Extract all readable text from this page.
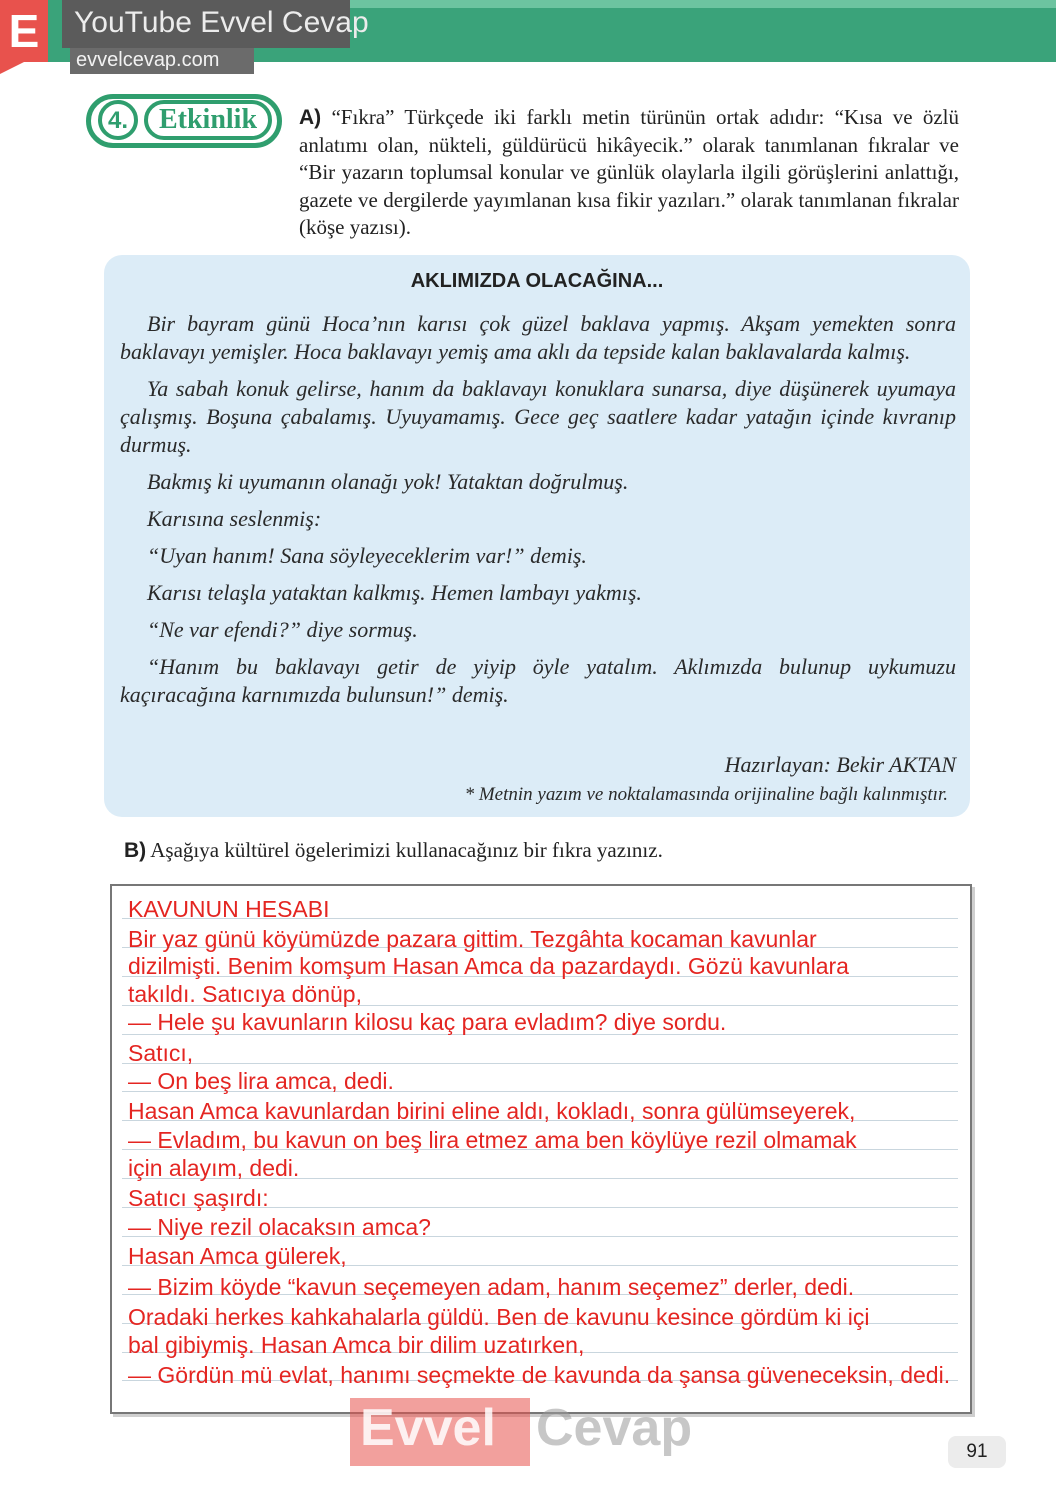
E YouTube Evvel Cevap
evvelcevap.com
4.	Etkinlik	A) “Fıkra” Türkçede iki farklı metin türünün ortak adıdır: “Kısa ve özlü anlatımı olan, nükteli, güldürücü hikâyecik.” olarak tanımlanan fıkralar ve “Bir yazarın toplumsal konular ve günlük olaylarla ilgili görüşlerini anlattığı, gazete ve dergilerde yayımlanan kısa fikir yazıları.” olarak tanımlanan fıkralar (köşe yazısı).
AKLIMIZDA OLACAĞINA...

Bir bayram günü Hoca’nın karısı çok güzel baklava yapmış. Akşam yemekten sonra baklavayı yemişler. Hoca baklavayı yemiş ama aklı da tepside kalan baklavalarda kalmış.

Ya sabah konuk gelirse, hanım da baklavayı konuklara sunarsa, diye düşünerek uyumaya çalışmış. Boşuna çabalamış. Uyuyamamış. Gece geç saatlere kadar yatağın içinde kıvranıp durmuş.

Bakmış ki uyumanın olanağı yok! Yataktan doğrulmuş.

Karısına seslenmiş:

“Uyan hanım! Sana söyleyeceklerim var!” demiş.

Karısı telaşla yataktan kalkmış. Hemen lambayı yakmış.

“Ne var efendi?” diye sormuş.

“Hanım bu baklavayı getir de yiyip öyle yatalım. Aklımızda bulunup uykumuzu kaçıracağına karnımızda bulunsun!” demiş.

Hazırlayan: Bekir AKTAN
* Metnin yazım ve noktalamasında orijinaline bağlı kalınmıştır.
B) Aşağıya kültürel ögelerimizi kullanacağınız bir fıkra yazınız.
KAVUNUN HESABI
Bir yaz günü köyümüzde pazara gittim. Tezgâhta kocaman kavunlar
dizilmişti. Benim komşum Hasan Amca da pazardaydı. Gözü kavunlara
takıldı. Satıcıya dönüp,
— Hele şu kavunların kilosu kaç para evladım? diye sordu.
Satıcı,
— On beş lira amca, dedi.
Hasan Amca kavunlardan birini eline aldı, kokladı, sonra gülümseyerek,
— Evladım, bu kavun on beş lira etmez ama ben köylüye rezil olmamak
için alayım, dedi.
Satıcı şaşırdı:
— Niye rezil olacaksın amca?
Hasan Amca gülerek,
— Bizim köyde “kavun seçemeyen adam, hanım seçemez” derler, dedi.
Oradaki herkes kahkahalarla güldü. Ben de kavunu kesince gördüm ki içi
bal gibiymiş. Hasan Amca bir dilim uzatırken,
— Gördün mü evlat, hanımı seçmekte de kavunda da şansa güveneceksin, dedi.
Evvel Cevap	91
